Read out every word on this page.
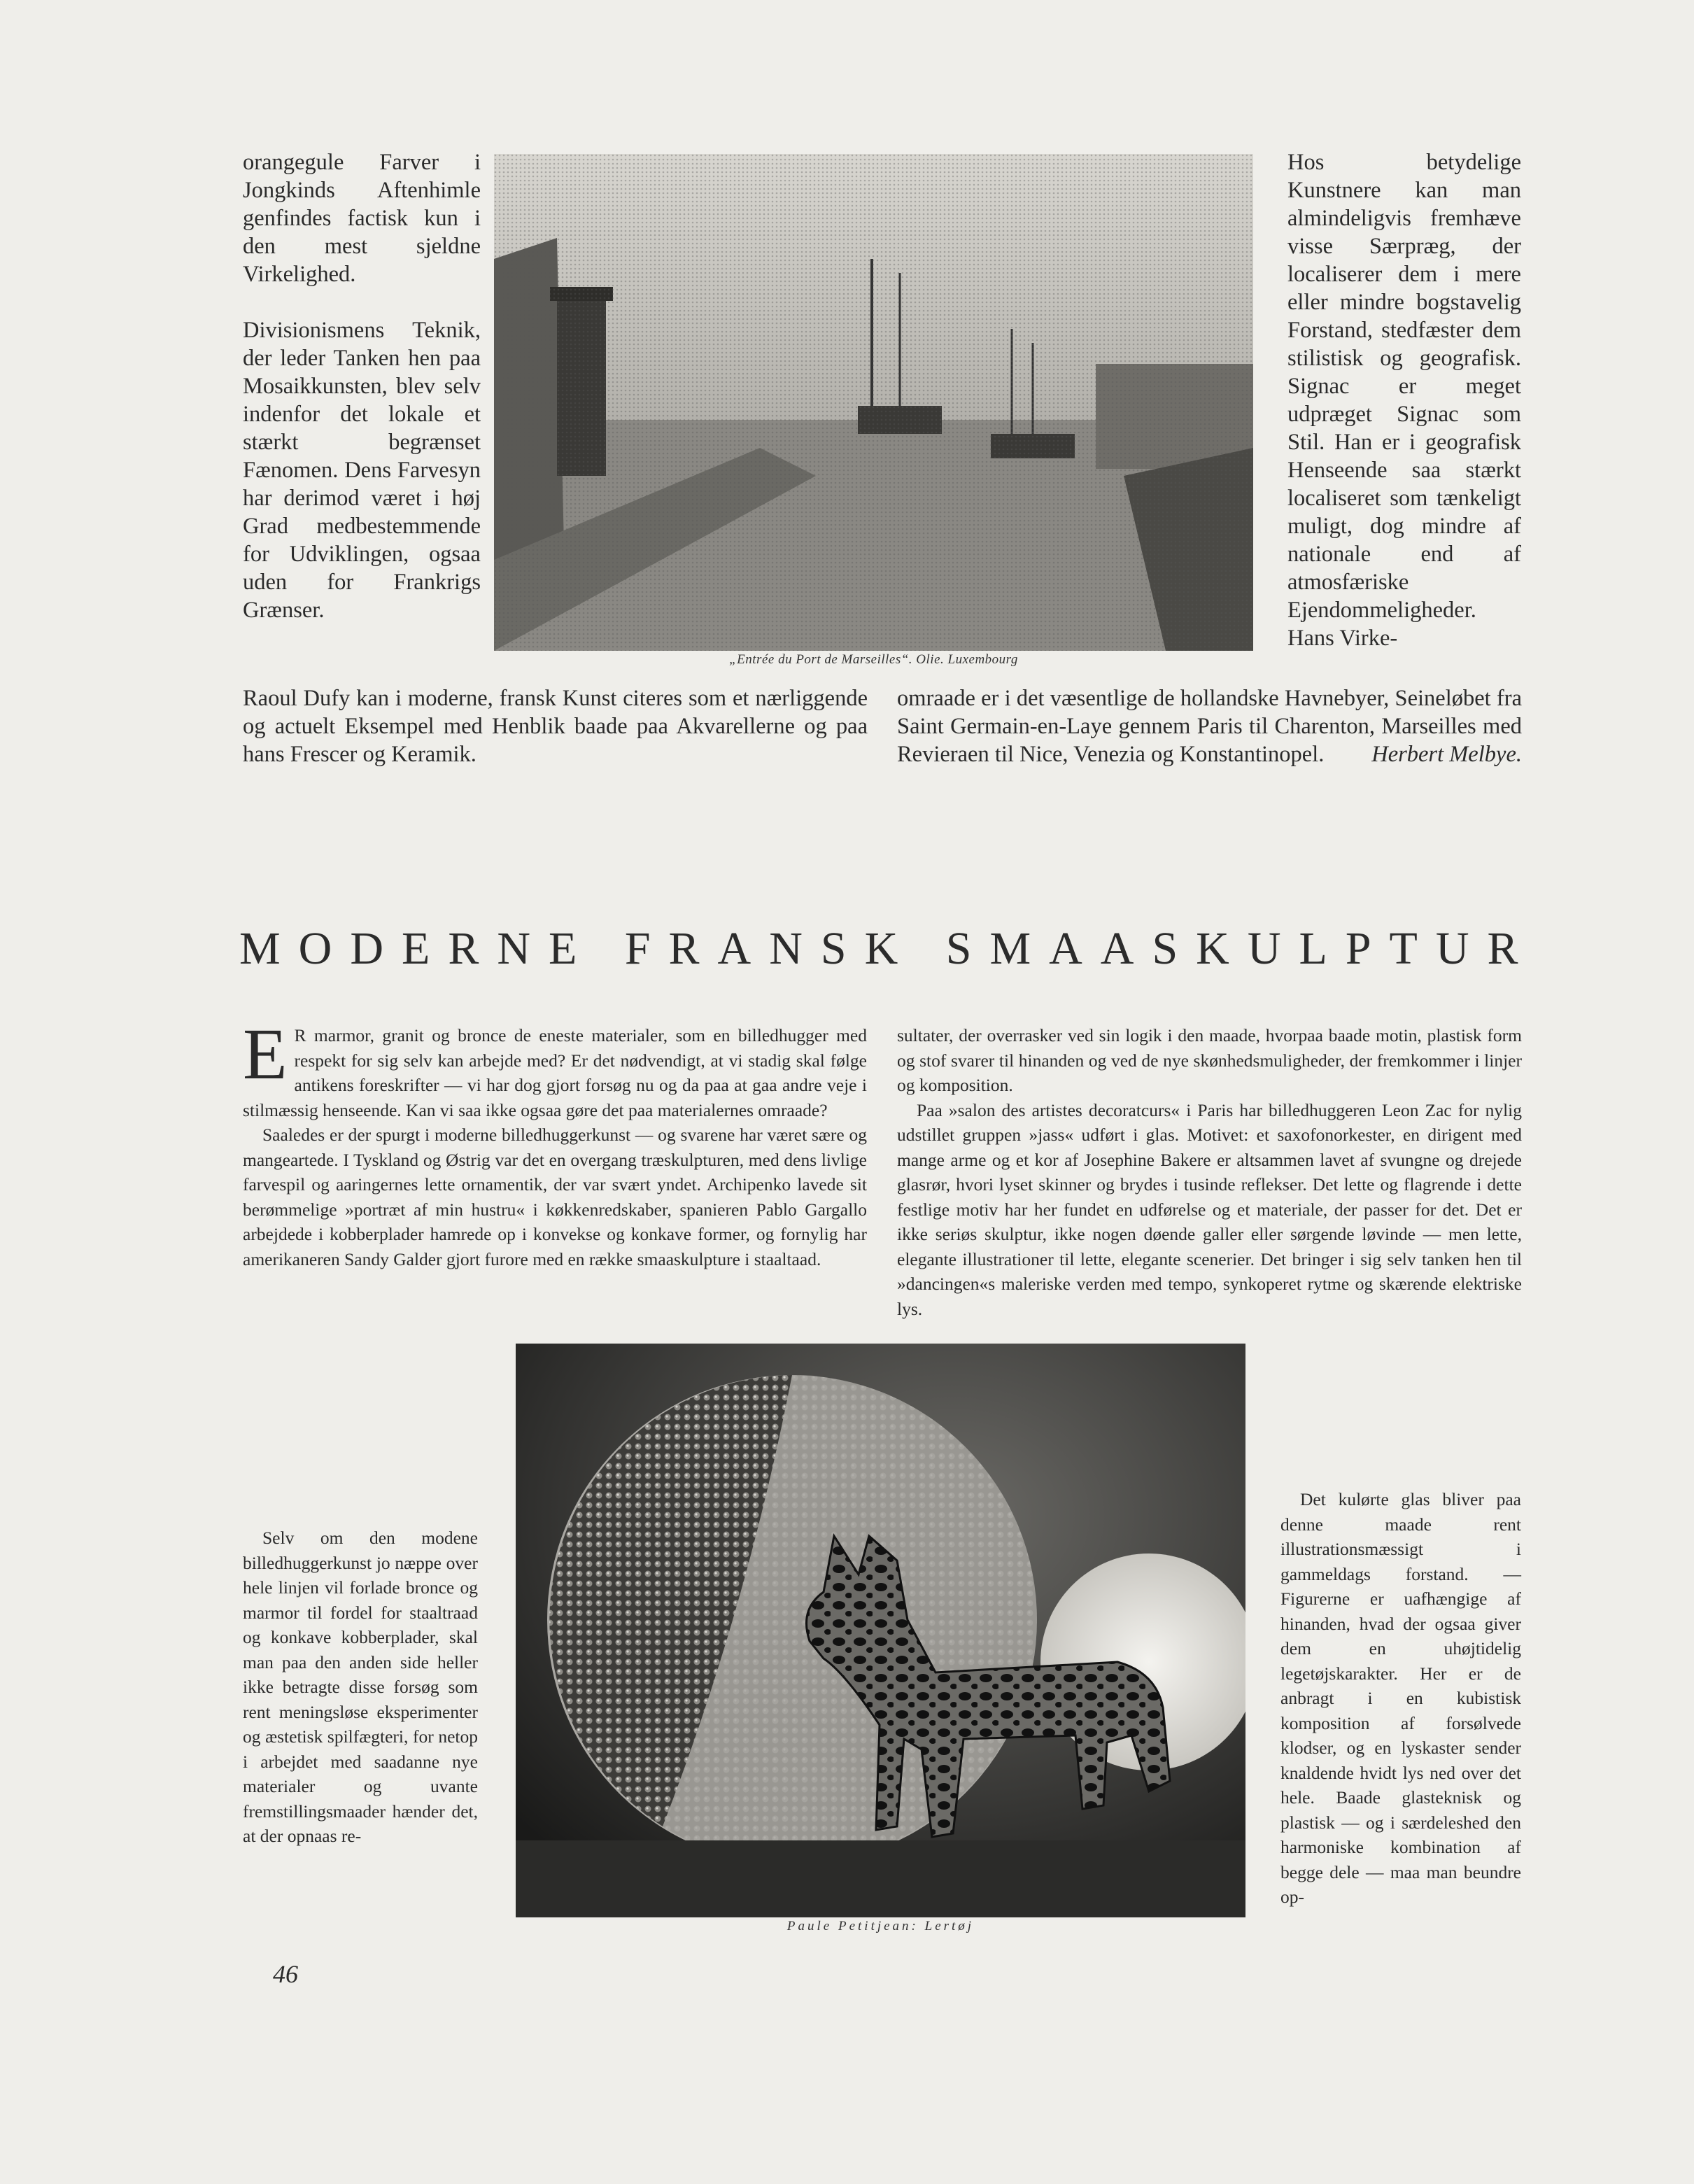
orangegule Farver i Jongkinds Aftenhimle genfindes factisk kun i den mest sjeldne Virkelighed.

Divisionismens Teknik, der leder Tanken hen paa Mosaikkunsten, blev selv indenfor det lokale et stærkt begrænset Fænomen. Dens Farvesyn har derimod været i høj Grad medbestemmende for Udviklingen, ogsaa uden for Frankrigs Grænser.

„Entrée du Port de Marseilles“. Olie. Luxembourg
Hos betydelige Kunstnere kan man almindeligvis fremhæve visse Særpræg, der localiserer dem i mere eller mindre bogstavelig Forstand, stedfæster dem stilistisk og geografisk. Signac er meget udpræget Signac som Stil. Han er i geografisk Henseende saa stærkt localiseret som tænkeligt muligt, dog mindre af nationale end af atmosfæriske Ejendommeligheder. Hans Virke-

Raoul Dufy kan i moderne, fransk Kunst citeres som et nærliggende og actuelt Eksempel med Henblik baade paa Akvarellerne og paa hans Frescer og Keramik.

omraade er i det væsentlige de hollandske Havnebyer, Seineløbet fra Saint Germain-en-Laye gennem Paris til Charenton, Marseilles med Revieraen til Nice, Venezia og Konstantinopel.	Herbert Melbye.
MODERNE FRANSK SMAASKULPTUR

E R marmor, granit og bronce de eneste materialer, som en billedhugger med respekt for sig selv kan arbejde med? Er det nødvendigt, at vi stadig skal følge antikens foreskrifter — vi har dog gjort forsøg nu og da paa at gaa andre veje i stilmæssig henseende. Kan vi saa ikke ogsaa gøre det paa materialernes omraade?

Saaledes er der spurgt i moderne billedhuggerkunst — og svarene har været sære og mangeartede. I Tyskland og Østrig var det en overgang træskulpturen, med dens livlige farvespil og aaringernes lette ornamentik, der var svært yndet. Archipenko lavede sit berømmelige »portræt af min hustru« i køkkenredskaber, spanieren Pablo Gargallo arbejdede i kobberplader hamrede op i konvekse og konkave former, og fornylig har amerikaneren Sandy Galder gjort furore med en række smaaskulpture i staaltaad.

Selv om den modene billedhuggerkunst jo næppe over hele linjen vil forlade bronce og marmor til fordel for staaltraad og konkave kobberplader, skal man paa den anden side heller ikke betragte disse forsøg som rent meningsløse eksperimenter og æstetisk spilfægteri, for netop i arbejdet med saadanne nye materialer og uvante fremstillingsmaader hænder det, at der opnaas re-

sultater, der overrasker ved sin logik i den maade, hvorpaa baade motin, plastisk form og stof svarer til hinanden og ved de nye skønhedsmuligheder, der fremkommer i linjer og komposition.

Paa »salon des artistes decoratcurs« i Paris har billedhuggeren Leon Zac for nylig udstillet gruppen »jass« udført i glas. Motivet: et saxofonorkester, en dirigent med mange arme og et kor af Josephine Bakere er altsammen lavet af svungne og drejede glasrør, hvori lyset skinner og brydes i tusinde reflekser. Det lette og flagrende i dette festlige motiv har her fundet en udførelse og et materiale, der passer for det. Det er ikke seriøs skulptur, ikke nogen døende galler eller sørgende løvinde — men lette, elegante illustrationer til lette, elegante scenerier. Det bringer i sig selv tanken hen til »dancingen«s maleriske verden med tempo, synkoperet rytme og skærende elektriske lys.

Det kulørte glas bliver paa denne maade rent illustrationsmæssigt i gammeldags forstand. — Figurerne er uafhængige af hinanden, hvad der ogsaa giver dem en uhøjtidelig legetøjskarakter. Her er de anbragt i en kubistisk komposition af forsølvede klodser, og en lyskaster sender knaldende hvidt lys ned over det hele. Baade glasteknisk og plastisk — og i særdeleshed den harmoniske kombination af begge dele — maa man beundre op-

Paule Petitjean: Lertøj
46
